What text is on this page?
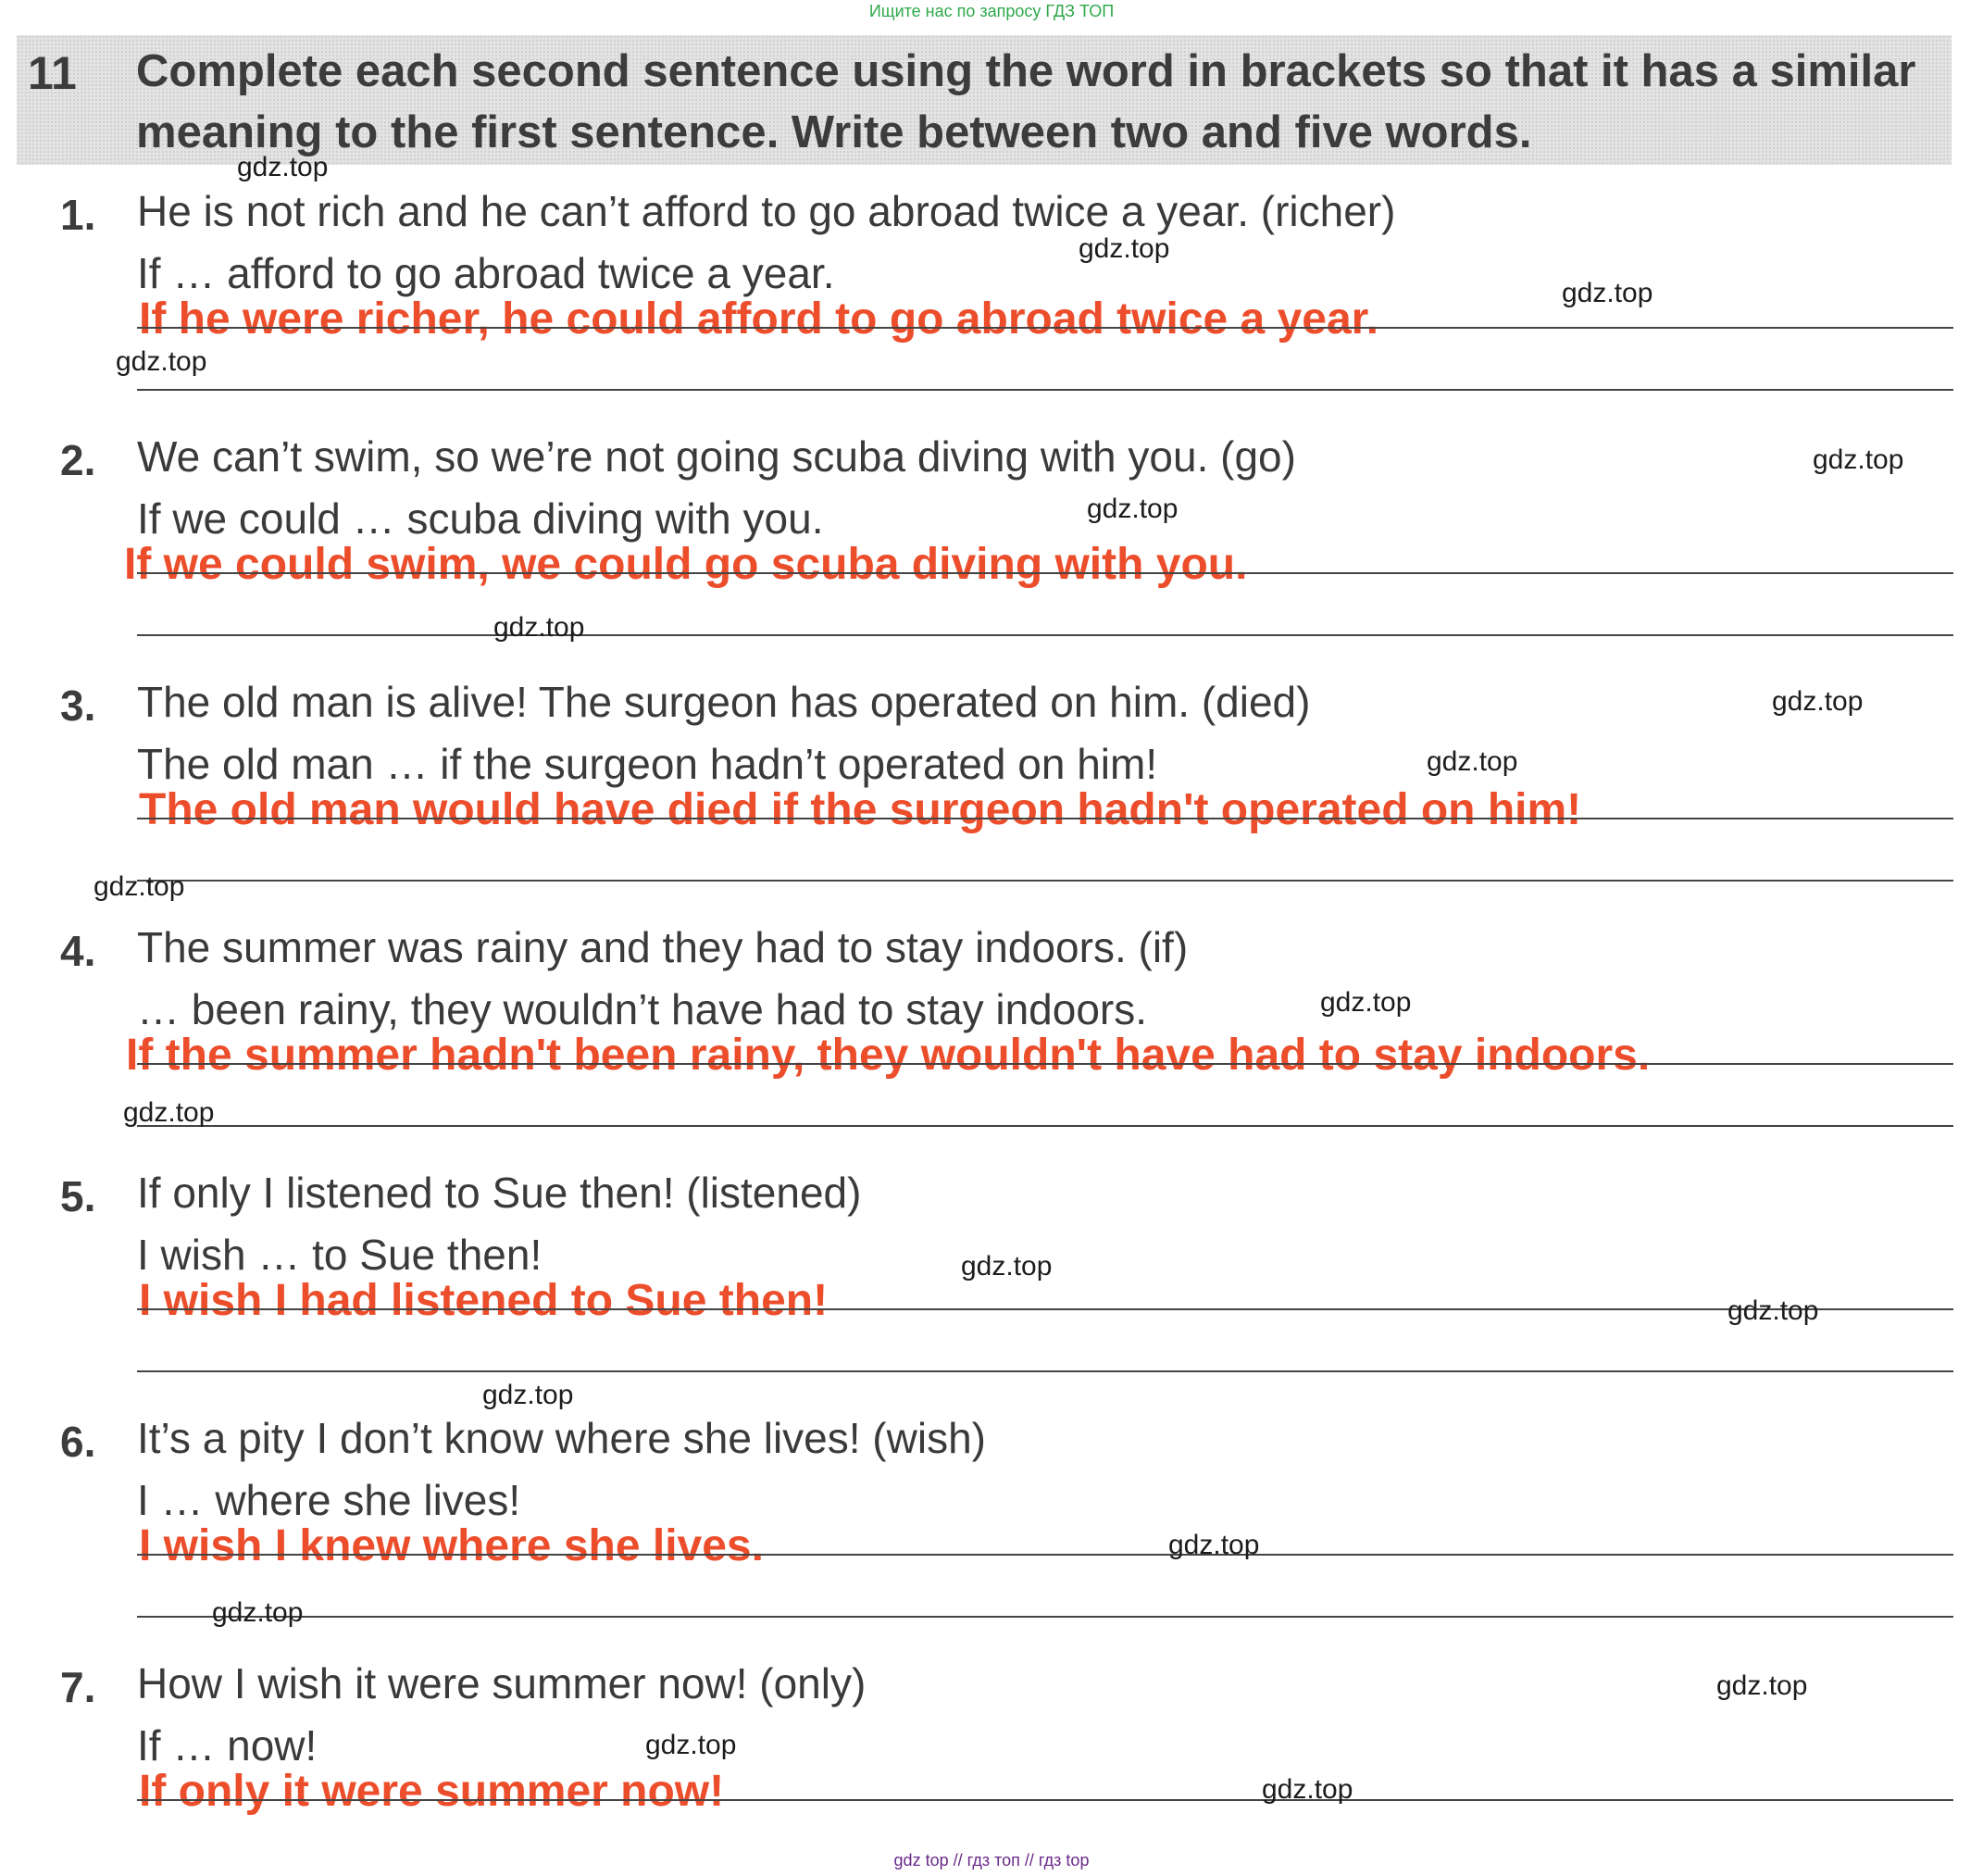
Ищите нас по запросу ГДЗ ТОП
11 Complete each second sentence using the word in brackets so that it has a similar meaning to the first sentence. Write between two and five words.
1. He is not rich and he can’t afford to go abroad twice a year. (richer)
If … afford to go abroad twice a year.
If he were richer, he could afford to go abroad twice a year.
2. We can’t swim, so we’re not going scuba diving with you. (go)
If we could … scuba diving with you.
If we could swim, we could go scuba diving with you.
3. The old man is alive! The surgeon has operated on him. (died)
The old man … if the surgeon hadn’t operated on him!
The old man would have died if the surgeon hadn't operated on him!
4. The summer was rainy and they had to stay indoors. (if)
… been rainy, they wouldn’t have had to stay indoors.
If the summer hadn't been rainy, they wouldn't have had to stay indoors.
5. If only I listened to Sue then! (listened)
I wish … to Sue then!
I wish I had listened to Sue then!
6. It’s a pity I don’t know where she lives! (wish)
I … where she lives!
I wish I knew where she lives.
7. How I wish it were summer now! (only)
If … now!
If only it were summer now!
gdz.top
gdz.top
gdz.top
gdz.top
gdz.top
gdz.top
gdz.top
gdz.top
gdz.top
gdz.top
gdz.top
gdz.top
gdz.top
gdz.top
gdz.top
gdz.top
gdz.top
gdz.top
gdz.top
gdz.top
gdz top // гдз топ // гдз top
